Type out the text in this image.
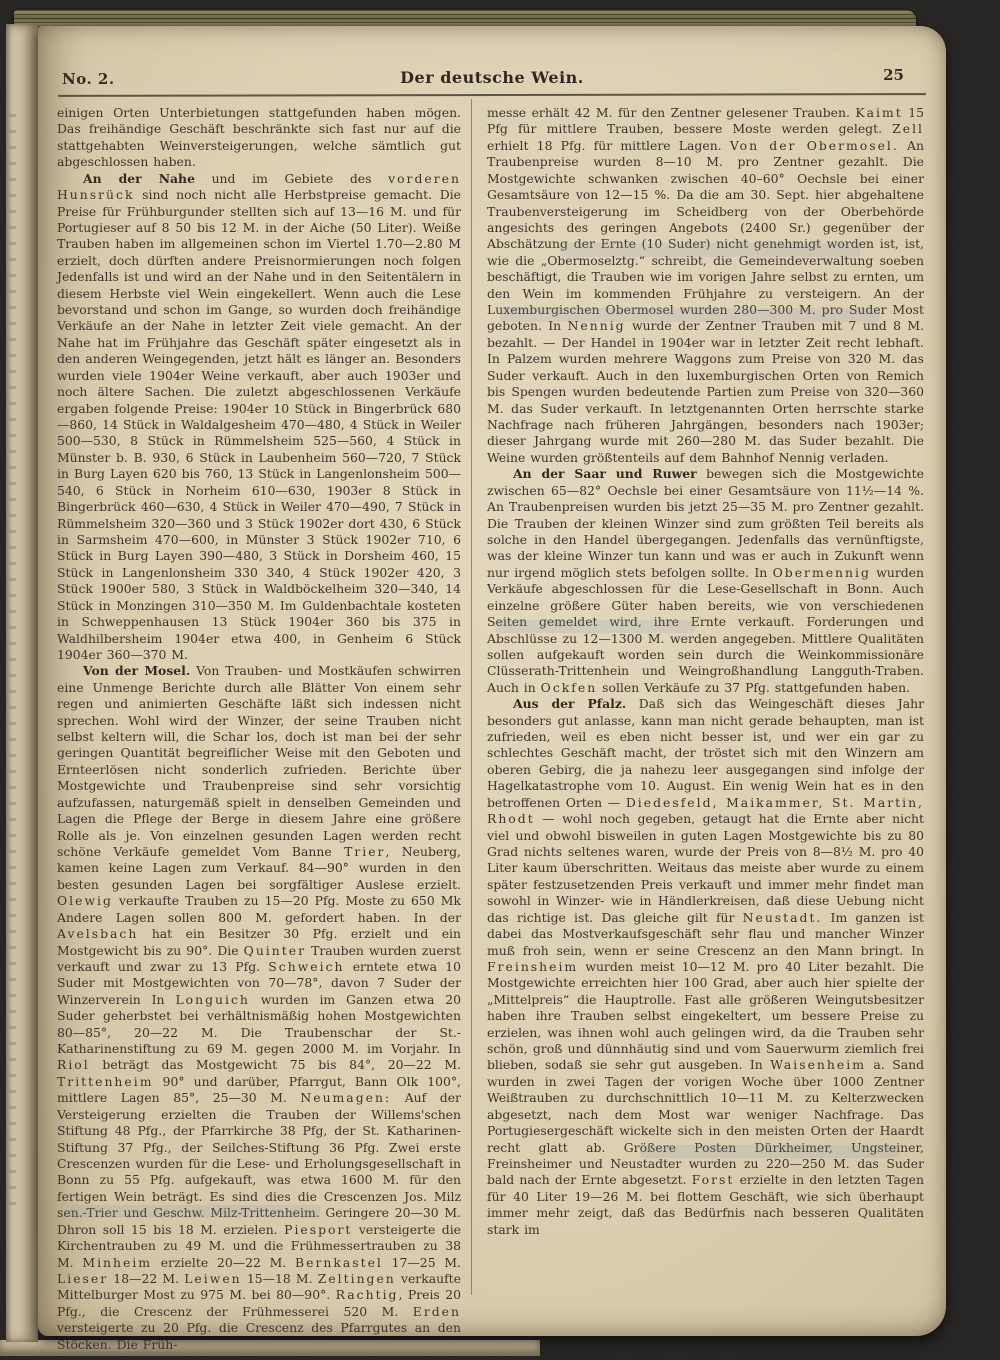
No. 2.	Der deutsche Wein.	25

einigen Orten Unterbietungen stattgefunden haben mögen. Das freihändige Geschäft beschränkte sich fast nur auf die stattgehabten Weinversteigerungen, welche sämtlich gut abgeschlossen haben.

An der Nahe und im Gebiete des vorderen Hunsrück sind noch nicht alle Herbstpreise gemacht. Die Preise für Frühburgunder stellten sich auf 13—16 M. und für Portugieser auf 8 50 bis 12 M. in der Aiche (50 Liter). Weiße Trauben haben im allgemeinen schon im Viertel 1.70—2.80 M erzielt, doch dürften andere Preisnormierungen noch folgen Jedenfalls ist und wird an der Nahe und in den Seitentälern in diesem Herbste viel Wein eingekellert. Wenn auch die Lese bevorstand und schon im Gange, so wurden doch freihändige Verkäufe an der Nahe in letzter Zeit viele gemacht. An der Nahe hat im Frühjahre das Geschäft später eingesetzt als in den anderen Weingegenden, jetzt hält es länger an. Besonders wurden viele 1904er Weine verkauft, aber auch 1903er und noch ältere Sachen. Die zuletzt abgeschlossenen Verkäufe ergaben folgende Preise: 1904er 10 Stück in Bingerbrück 680—860, 14 Stück in Waldalgesheim 470—480, 4 Stück in Weiler 500—530, 8 Stück in Rümmelsheim 525—560, 4 Stück in Münster b. B. 930, 6 Stück in Laubenheim 560—720, 7 Stück in Burg Layen 620 bis 760, 13 Stück in Langenlonsheim 500—540, 6 Stück in Norheim 610—630, 1903er 8 Stück in Bingerbrück 460—630, 4 Stück in Weiler 470—490, 7 Stück in Rümmelsheim 320—360 und 3 Stück 1902er dort 430, 6 Stück in Sarmsheim 470—600, in Münster 3 Stück 1902er 710, 6 Stück in Burg Layen 390—480, 3 Stück in Dorsheim 460, 15 Stück in Langenlonsheim 330 340, 4 Stück 1902er 420, 3 Stück 1900er 580, 3 Stück in Waldböckelheim 320—340, 14 Stück in Monzingen 310—350 M. Im Guldenbachtale kosteten in Schweppenhausen 13 Stück 1904er 360 bis 375 in Waldhilbersheim 1904er etwa 400, in Genheim 6 Stück 1904er 360—370 M.

Von der Mosel. Von Trauben- und Mostkäufen schwirren eine Unmenge Berichte durch alle Blätter Von einem sehr regen und animierten Geschäfte läßt sich indessen nicht sprechen. Wohl wird der Winzer, der seine Trauben nicht selbst keltern will, die Schar los, doch ist man bei der sehr geringen Quantität begreiflicher Weise mit den Geboten und Ernteerlösen nicht sonderlich zufrieden. Berichte über Mostgewichte und Traubenpreise sind sehr vorsichtig aufzufassen, naturgemäß spielt in denselben Gemeinden und Lagen die Pflege der Berge in diesem Jahre eine größere Rolle als je. Von einzelnen gesunden Lagen werden recht schöne Verkäufe gemeldet Vom Banne Trier, Neuberg, kamen keine Lagen zum Verkauf. 84—90° wurden in den besten gesunden Lagen bei sorgfältiger Auslese erzielt. Olewig verkaufte Trauben zu 15—20 Pfg. Moste zu 650 Mk Andere Lagen sollen 800 M. gefordert haben. In der Avelsbach hat ein Besitzer 30 Pfg. erzielt und ein Mostgewicht bis zu 90°. Die Quinter Trauben wurden zuerst verkauft und zwar zu 13 Pfg. Schweich erntete etwa 10 Suder mit Mostgewichten von 70—78°, davon 7 Suder der Winzerverein In Longuich wurden im Ganzen etwa 20 Suder geherbstet bei verhältnismäßig hohen Mostgewichten 80—85°, 20—22 M. Die Traubenschar der St.-Katharinenstiftung zu 69 M. gegen 2000 M. im Vorjahr. In Riol beträgt das Mostgewicht 75 bis 84°, 20—22 M. Trittenheim 90° und darüber, Pfarrgut, Bann Olk 100°, mittlere Lagen 85°, 25—30 M. Neumagen: Auf der Versteigerung erzielten die Trauben der Willems'schen Stiftung 48 Pfg., der Pfarrkirche 38 Pfg, der St. Katharinen-Stiftung 37 Pfg., der Seilches-Stiftung 36 Pfg. Zwei erste Crescenzen wurden für die Lese- und Erholungsgesellschaft in Bonn zu 55 Pfg. aufgekauft, was etwa 1600 M. für den fertigen Wein beträgt. Es sind dies die Crescenzen Jos. Milz sen.-Trier und Geschw. Milz-Trittenheim. Geringere 20—30 M. Dhron soll 15 bis 18 M. erzielen. Piesport versteigerte die Kirchentrauben zu 49 M. und die Frühmessertrauben zu 38 M. Minheim erzielte 20—22 M. Bernkastel 17—25 M. Lieser 18—22 M. Leiwen 15—18 M. Zeltingen verkaufte Mittelburger Most zu 975 M. bei 80—90°. Rachtig, Preis 20 Pfg., die Crescenz der Frühmesserei 520 M. Erden versteigerte zu 20 Pfg. die Crescenz des Pfarrgutes an den Stöcken. Die Früh-

messe erhält 42 M. für den Zentner gelesener Trauben. Kaimt 15 Pfg für mittlere Trauben, bessere Moste werden gelegt. Zell erhielt 18 Pfg. für mittlere Lagen. Von der Obermosel. An Traubenpreise wurden 8—10 M. pro Zentner gezahlt. Die Mostgewichte schwanken zwischen 40–60° Oechsle bei einer Gesamtsäure von 12—15 %. Da die am 30. Sept. hier abgehaltene Traubenversteigerung im Scheidberg von der Oberbehörde angesichts des geringen Angebots (2400 Sr.) gegenüber der Abschätzung der Ernte (10 Suder) nicht genehmigt worden ist, ist, wie die „Obermoselztg.“ schreibt, die Gemeindeverwaltung soeben beschäftigt, die Trauben wie im vorigen Jahre selbst zu ernten, um den Wein im kommenden Frühjahre zu versteigern. An der Luxemburgischen Obermosel wurden 280—300 M. pro Suder Most geboten. In Nennig wurde der Zentner Trauben mit 7 und 8 M. bezahlt. — Der Handel in 1904er war in letzter Zeit recht lebhaft. In Palzem wurden mehrere Waggons zum Preise von 320 M. das Suder verkauft. Auch in den luxemburgischen Orten von Remich bis Spengen wurden bedeutende Partien zum Preise von 320—360 M. das Suder verkauft. In letztgenannten Orten herrschte starke Nachfrage nach früheren Jahrgängen, besonders nach 1903er; dieser Jahrgang wurde mit 260—280 M. das Suder bezahlt. Die Weine wurden größtenteils auf dem Bahnhof Nennig verladen.

An der Saar und Ruwer bewegen sich die Mostgewichte zwischen 65—82° Oechsle bei einer Gesamtsäure von 11½—14 %. An Traubenpreisen wurden bis jetzt 25—35 M. pro Zentner gezahlt. Die Trauben der kleinen Winzer sind zum größten Teil bereits als solche in den Handel übergegangen. Jedenfalls das vernünftigste, was der kleine Winzer tun kann und was er auch in Zukunft wenn nur irgend möglich stets befolgen sollte. In Obermennig wurden Verkäufe abgeschlossen für die Lese-Gesellschaft in Bonn. Auch einzelne größere Güter haben bereits, wie von verschiedenen Seiten gemeldet wird, ihre Ernte verkauft. Forderungen und Abschlüsse zu 12—1300 M. werden angegeben. Mittlere Qualitäten sollen aufgekauft worden sein durch die Weinkommissionäre Clüsserath-Trittenhein und Weingroßhandlung Langguth-Traben. Auch in Ockfen sollen Verkäufe zu 37 Pfg. stattgefunden haben.

Aus der Pfalz. Daß sich das Weingeschäft dieses Jahr besonders gut anlasse, kann man nicht gerade behaupten, man ist zufrieden, weil es eben nicht besser ist, und wer ein gar zu schlechtes Geschäft macht, der tröstet sich mit den Winzern am oberen Gebirg, die ja nahezu leer ausgegangen sind infolge der Hagelkatastrophe vom 10. August. Ein wenig Wein hat es in den betroffenen Orten — Diedesfeld, Maikammer, St. Martin, Rhodt — wohl noch gegeben, getaugt hat die Ernte aber nicht viel und obwohl bisweilen in guten Lagen Mostgewichte bis zu 80 Grad nichts seltenes waren, wurde der Preis von 8—8½ M. pro 40 Liter kaum überschritten. Weitaus das meiste aber wurde zu einem später festzusetzenden Preis verkauft und immer mehr findet man sowohl in Winzer- wie in Händlerkreisen, daß diese Uebung nicht das richtige ist. Das gleiche gilt für Neustadt. Im ganzen ist dabei das Mostverkaufsgeschäft sehr flau und mancher Winzer muß froh sein, wenn er seine Crescenz an den Mann bringt. In Freinsheim wurden meist 10—12 M. pro 40 Liter bezahlt. Die Mostgewichte erreichten hier 100 Grad, aber auch hier spielte der „Mittelpreis“ die Hauptrolle. Fast alle größeren Weingutsbesitzer haben ihre Trauben selbst eingekeltert, um bessere Preise zu erzielen, was ihnen wohl auch gelingen wird, da die Trauben sehr schön, groß und dünnhäutig sind und vom Sauerwurm ziemlich frei blieben, sodaß sie sehr gut ausgeben. In Waisenheim a. Sand wurden in zwei Tagen der vorigen Woche über 1000 Zentner Weißtrauben zu durchschnittlich 10—11 M. zu Kelterzwecken abgesetzt, nach dem Most war weniger Nachfrage. Das Portugiesergeschäft wickelte sich in den meisten Orten der Haardt recht glatt ab. Größere Posten Dürkheimer, Ungsteiner, Freinsheimer und Neustadter wurden zu 220—250 M. das Suder bald nach der Ernte abgesetzt. Forst erzielte in den letzten Tagen für 40 Liter 19—26 M. bei flottem Geschäft, wie sich überhaupt immer mehr zeigt, daß das Bedürfnis nach besseren Qualitäten stark im
